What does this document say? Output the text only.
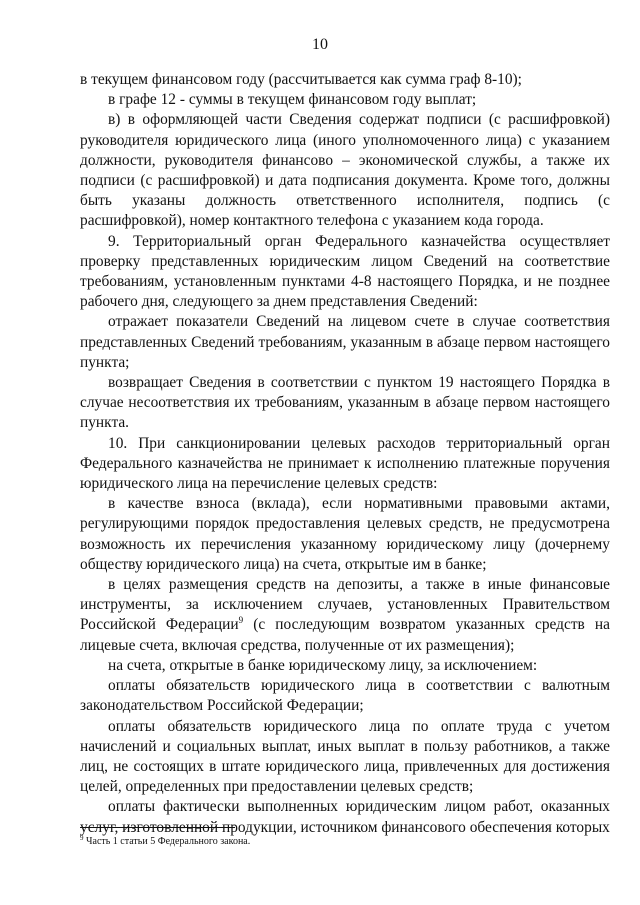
10

в текущем финансовом году (рассчитывается как сумма граф 8-10);

в графе 12 - суммы в текущем финансовом году выплат;

в) в оформляющей части Сведения содержат подписи (с расшифровкой) руководителя юридического лица (иного уполномоченного лица) с указанием должности, руководителя финансово – экономической службы, а также их подписи (с расшифровкой) и дата подписания документа. Кроме того, должны быть указаны должность ответственного исполнителя, подпись (с расшифровкой), номер контактного телефона с указанием кода города.

9. Территориальный орган Федерального казначейства осуществляет проверку представленных юридическим лицом Сведений на соответствие требованиям, установленным пунктами 4-8 настоящего Порядка, и не позднее рабочего дня, следующего за днем представления Сведений:

отражает показатели Сведений на лицевом счете в случае соответствия представленных Сведений требованиям, указанным в абзаце первом настоящего пункта;

возвращает Сведения в соответствии с пунктом 19 настоящего Порядка в случае несоответствия их требованиям, указанным в абзаце первом настоящего пункта.

10. При санкционировании целевых расходов территориальный орган Федерального казначейства не принимает к исполнению платежные поручения юридического лица на перечисление целевых средств:

в качестве взноса (вклада), если нормативными правовыми актами, регулирующими порядок предоставления целевых средств, не предусмотрена возможность их перечисления указанному юридическому лицу (дочернему обществу юридического лица) на счета, открытые им в банке;

в целях размещения средств на депозиты, а также в иные финансовые инструменты, за исключением случаев, установленных Правительством Российской Федерации$^9$ (с последующим возвратом указанных средств на лицевые счета, включая средства, полученные от их размещения);

на счета, открытые в банке юридическому лицу, за исключением:

оплаты обязательств юридического лица в соответствии с валютным законодательством Российской Федерации;

оплаты обязательств юридического лица по оплате труда с учетом начислений и социальных выплат, иных выплат в пользу работников, а также лиц, не состоящих в штате юридического лица, привлеченных для достижения целей, определенных при предоставлении целевых средств;

оплаты фактически выполненных юридическим лицом работ, оказанных услуг, изготовленной продукции, источником финансового обеспечения которых

$^9$ Часть 1 статьи 5 Федерального закона.
